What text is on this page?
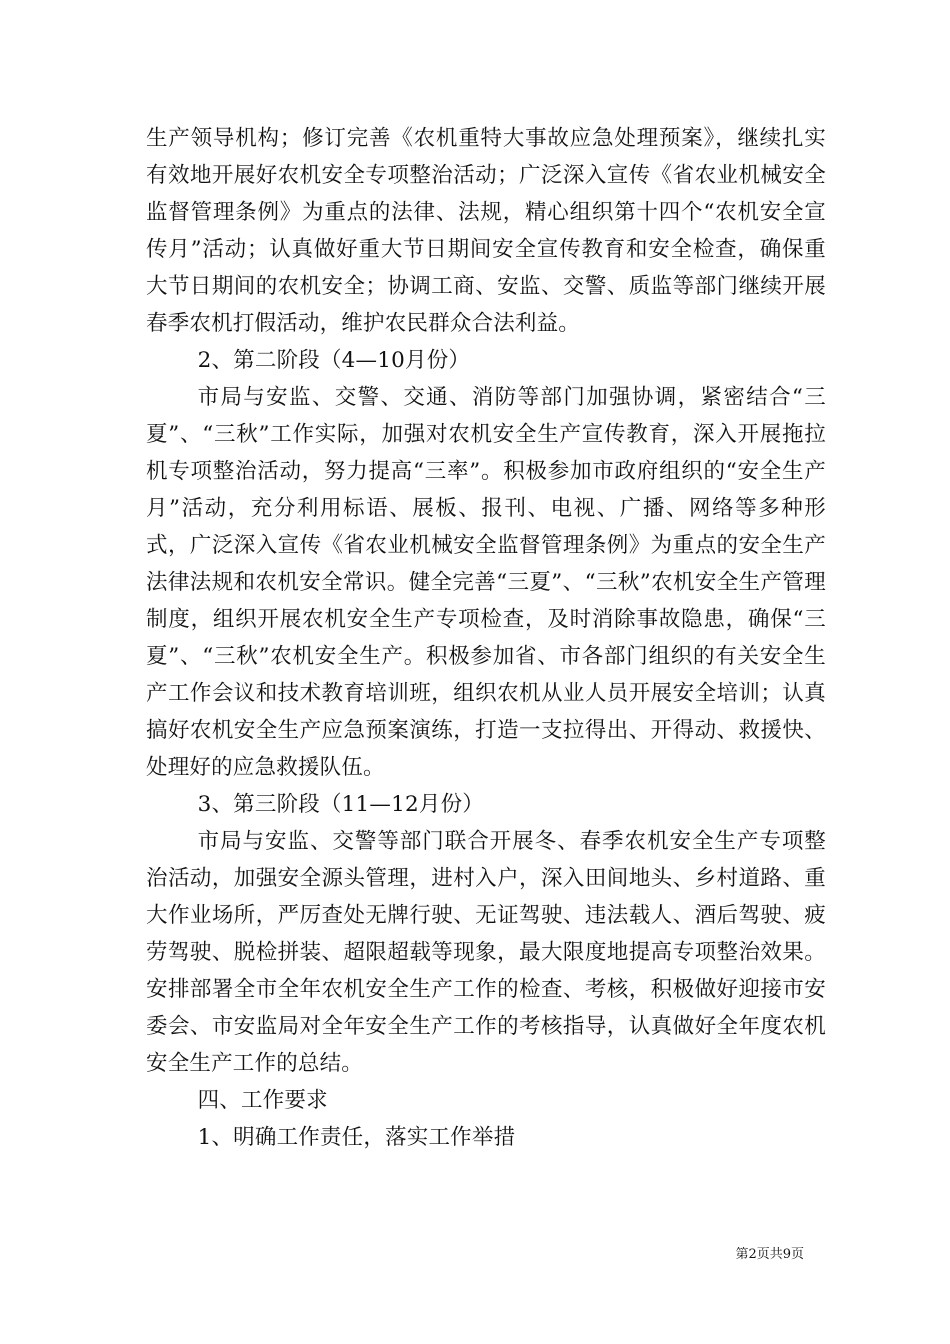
生产领导机构；修订完善《农机重特大事故应急处理预案》，继续扎实有效地开展好农机安全专项整治活动；广泛深入宣传《省农业机械安全监督管理条例》为重点的法律、法规，精心组织第十四个“农机安全宣传月”活动；认真做好重大节日期间安全宣传教育和安全检查，确保重大节日期间的农机安全；协调工商、安监、交警、质监等部门继续开展春季农机打假活动，维护农民群众合法利益。

2、第二阶段（4—10月份）

市局与安监、交警、交通、消防等部门加强协调，紧密结合“三夏”、“三秋”工作实际，加强对农机安全生产宣传教育，深入开展拖拉机专项整治活动，努力提高“三率”。积极参加市政府组织的“安全生产月”活动，充分利用标语、展板、报刊、电视、广播、网络等多种形式，广泛深入宣传《省农业机械安全监督管理条例》为重点的安全生产法律法规和农机安全常识。健全完善“三夏”、“三秋”农机安全生产管理制度，组织开展农机安全生产专项检查，及时消除事故隐患，确保“三夏”、“三秋”农机安全生产。积极参加省、市各部门组织的有关安全生产工作会议和技术教育培训班，组织农机从业人员开展安全培训；认真搞好农机安全生产应急预案演练，打造一支拉得出、开得动、救援快、处理好的应急救援队伍。

3、第三阶段（11—12月份）

市局与安监、交警等部门联合开展冬、春季农机安全生产专项整治活动，加强安全源头管理，进村入户，深入田间地头、乡村道路、重大作业场所，严厉查处无牌行驶、无证驾驶、违法载人、酒后驾驶、疲劳驾驶、脱检拼装、超限超载等现象，最大限度地提高专项整治效果。安排部署全市全年农机安全生产工作的检查、考核，积极做好迎接市安委会、市安监局对全年安全生产工作的考核指导，认真做好全年度农机安全生产工作的总结。

四、工作要求

1、明确工作责任，落实工作举措

第2页共9页
